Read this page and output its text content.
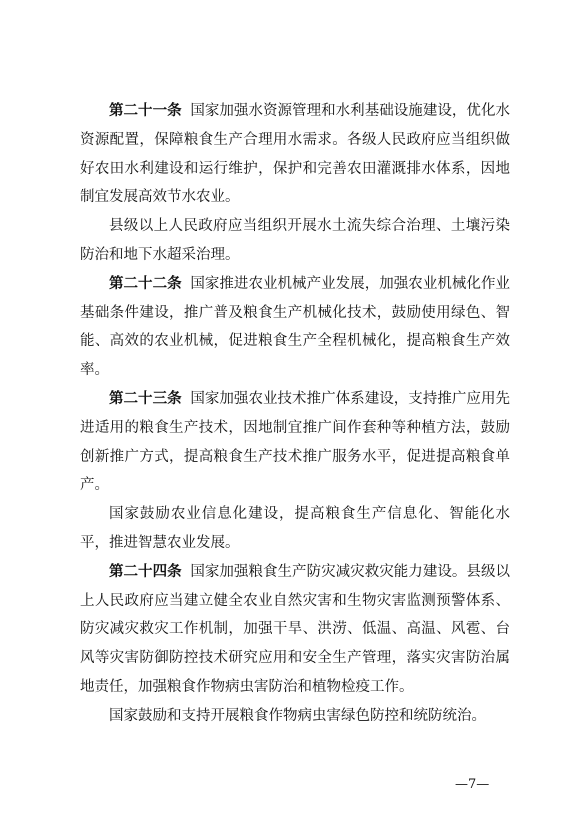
第二十一条 国家加强水资源管理和水利基础设施建设，优化水资源配置，保障粮食生产合理用水需求。各级人民政府应当组织做好农田水利建设和运行维护，保护和完善农田灌溉排水体系，因地制宜发展高效节水农业。

县级以上人民政府应当组织开展水土流失综合治理、土壤污染防治和地下水超采治理。

第二十二条 国家推进农业机械产业发展，加强农业机械化作业基础条件建设，推广普及粮食生产机械化技术，鼓励使用绿色、智能、高效的农业机械，促进粮食生产全程机械化，提高粮食生产效率。

第二十三条 国家加强农业技术推广体系建设，支持推广应用先进适用的粮食生产技术，因地制宜推广间作套种等种植方法，鼓励创新推广方式，提高粮食生产技术推广服务水平，促进提高粮食单产。

国家鼓励农业信息化建设，提高粮食生产信息化、智能化水平，推进智慧农业发展。

第二十四条 国家加强粮食生产防灾减灾救灾能力建设。县级以上人民政府应当建立健全农业自然灾害和生物灾害监测预警体系、防灾减灾救灾工作机制，加强干旱、洪涝、低温、高温、风雹、台风等灾害防御防控技术研究应用和安全生产管理，落实灾害防治属地责任，加强粮食作物病虫害防治和植物检疫工作。

国家鼓励和支持开展粮食作物病虫害绿色防控和统防统治。

—7—
